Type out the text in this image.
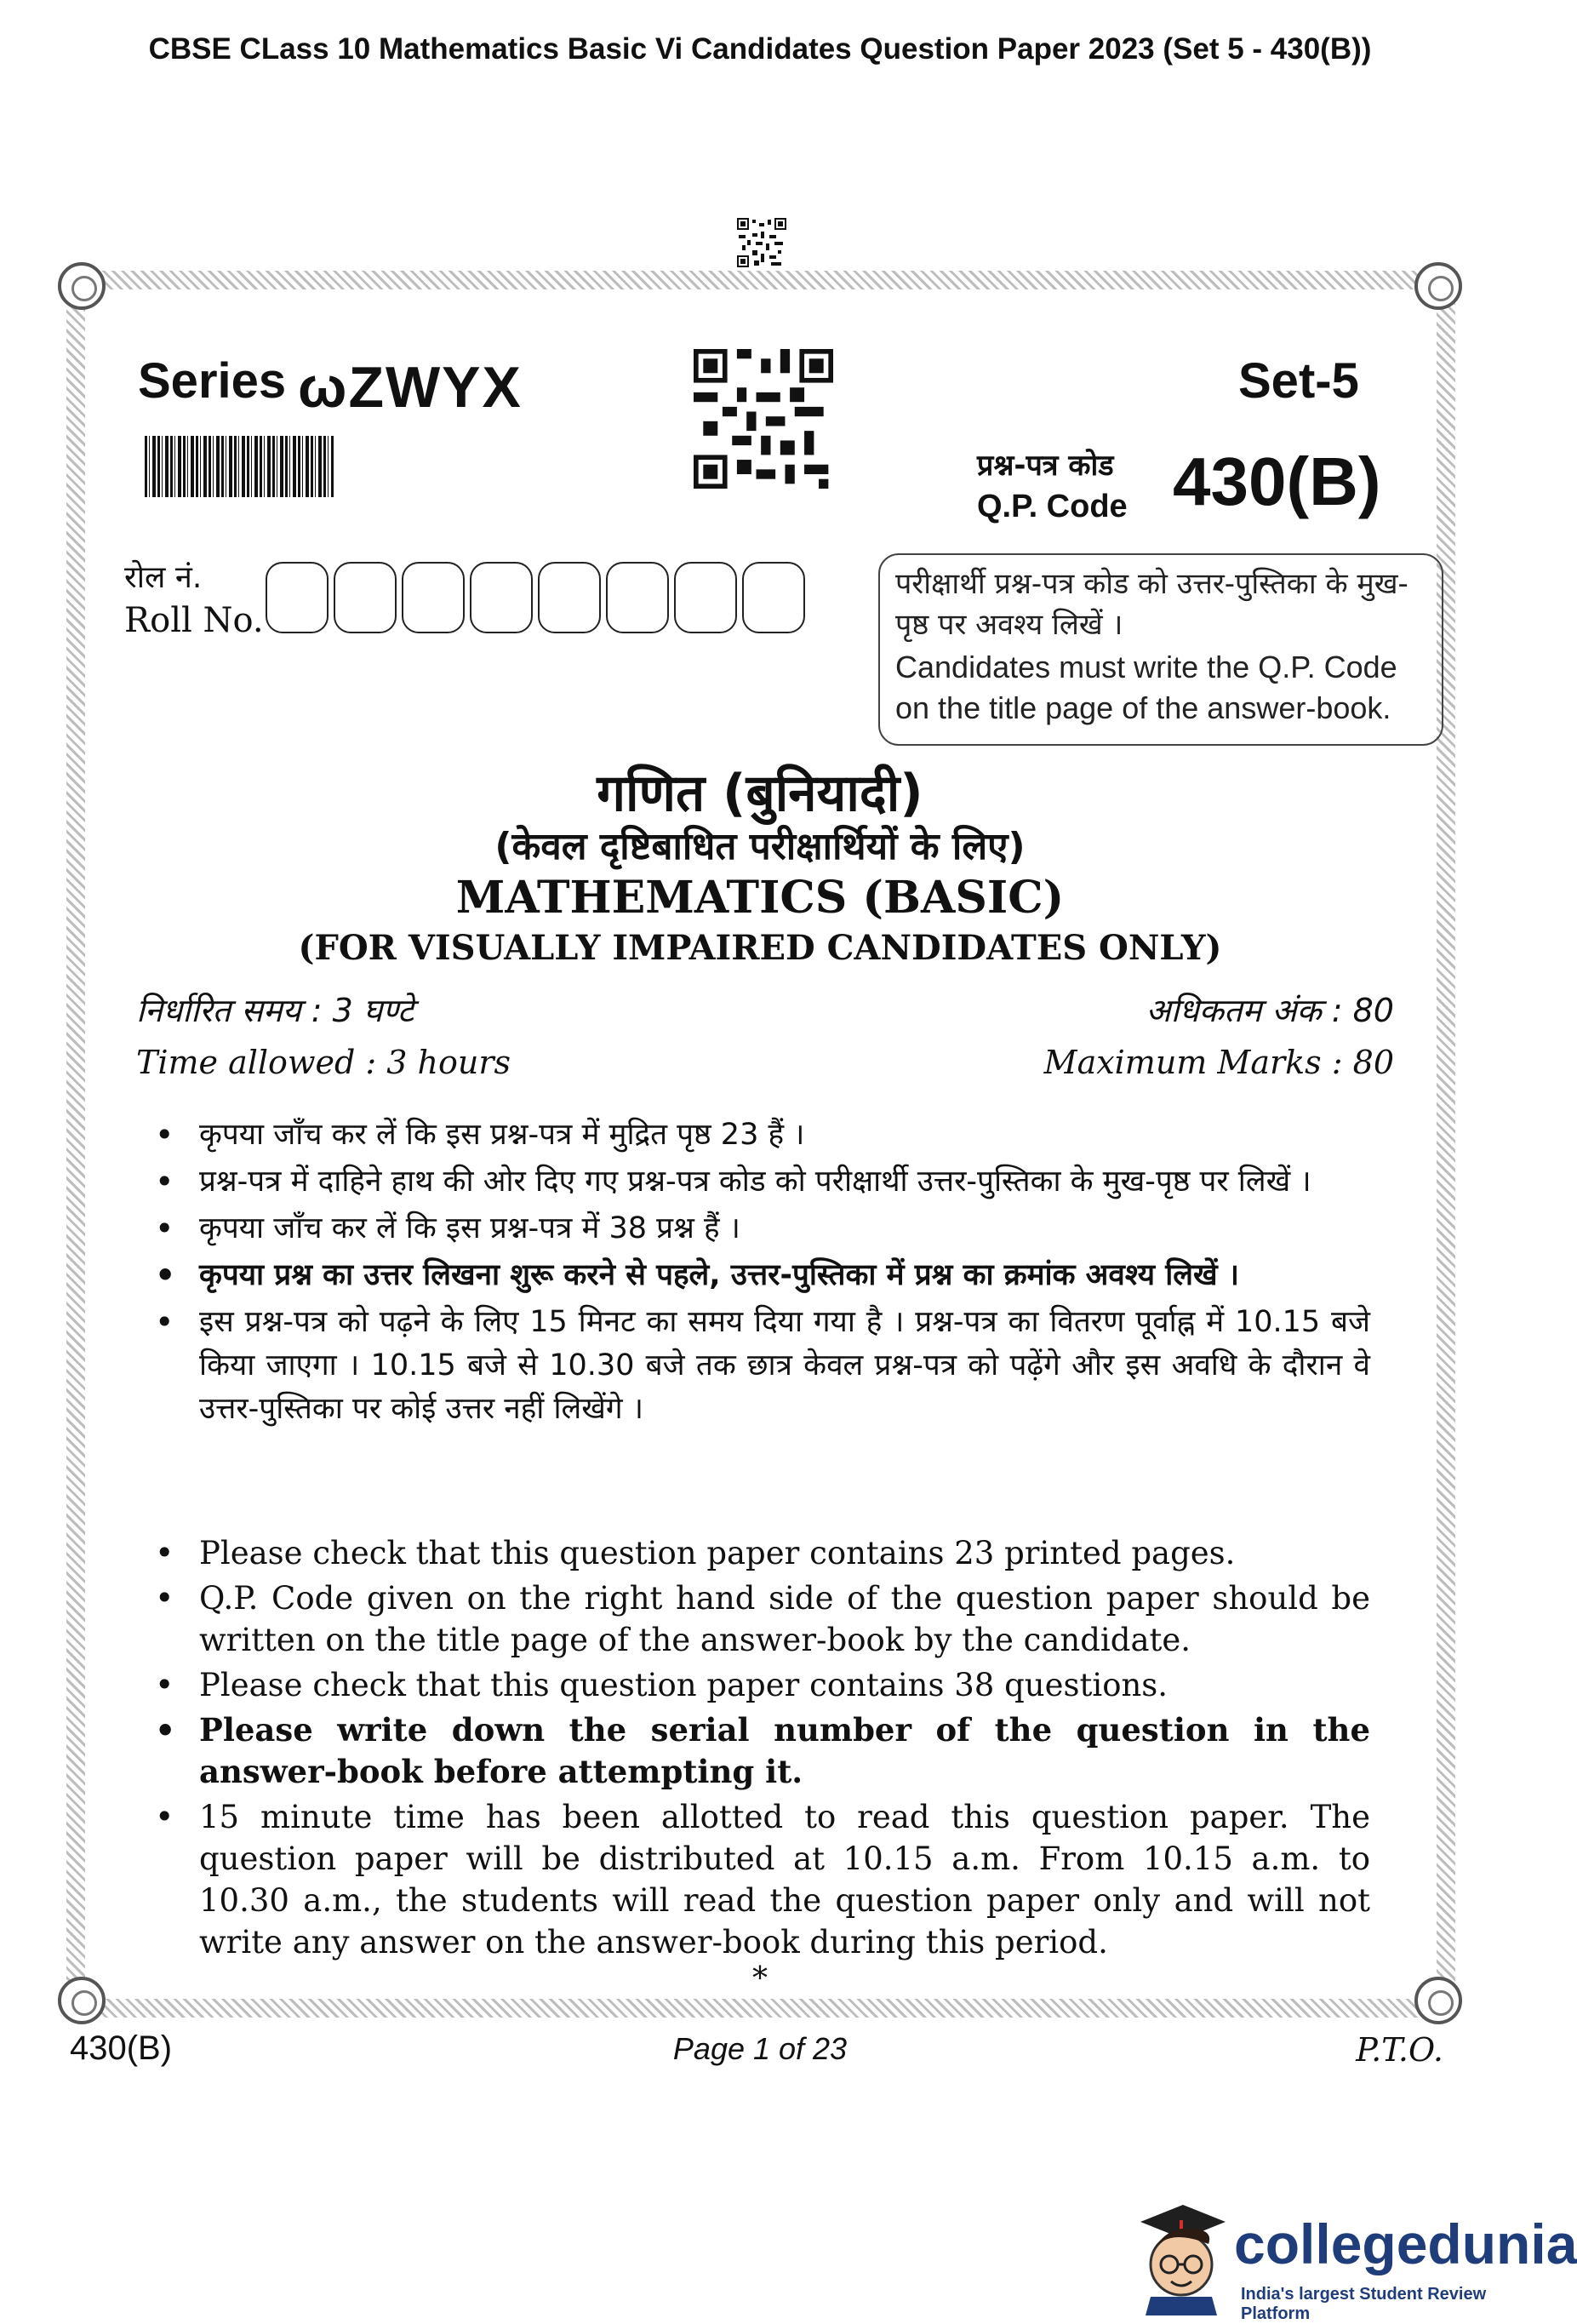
CBSE CLass 10 Mathematics Basic Vi Candidates Question Paper 2023 (Set 5 - 430(B))
Series ωZWYX	Set-5
प्रश्न-पत्र कोड
Q.P. Code 430(B)
रोल नं.
Roll No.
परीक्षार्थी प्रश्न-पत्र कोड को उत्तर-पुस्तिका के मुख-पृष्ठ पर अवश्य लिखें ।
Candidates must write the Q.P. Code on the title page of the answer-book.
गणित (बुनियादी)
(केवल दृष्टिबाधित परीक्षार्थियों के लिए)
MATHEMATICS (BASIC)
(FOR VISUALLY IMPAIRED CANDIDATES ONLY)
निर्धारित समय : 3 घण्टे	अधिकतम अंक : 80
Time allowed : 3 hours	Maximum Marks : 80
• कृपया जाँच कर लें कि इस प्रश्न-पत्र में मुद्रित पृष्ठ 23 हैं ।
• प्रश्न-पत्र में दाहिने हाथ की ओर दिए गए प्रश्न-पत्र कोड को परीक्षार्थी उत्तर-पुस्तिका के मुख-पृष्ठ पर लिखें ।
• कृपया जाँच कर लें कि इस प्रश्न-पत्र में 38 प्रश्न हैं ।
• कृपया प्रश्न का उत्तर लिखना शुरू करने से पहले, उत्तर-पुस्तिका में प्रश्न का क्रमांक अवश्य लिखें ।
• इस प्रश्न-पत्र को पढ़ने के लिए 15 मिनट का समय दिया गया है । प्रश्न-पत्र का वितरण पूर्वाह्न में 10.15 बजे किया जाएगा । 10.15 बजे से 10.30 बजे तक छात्र केवल प्रश्न-पत्र को पढ़ेंगे और इस अवधि के दौरान वे उत्तर-पुस्तिका पर कोई उत्तर नहीं लिखेंगे ।
• Please check that this question paper contains 23 printed pages.
• Q.P. Code given on the right hand side of the question paper should be written on the title page of the answer-book by the candidate.
• Please check that this question paper contains 38 questions.
• Please write down the serial number of the question in the answer-book before attempting it.
• 15 minute time has been allotted to read this question paper. The question paper will be distributed at 10.15 a.m. From 10.15 a.m. to 10.30 a.m., the students will read the question paper only and will not write any answer on the answer-book during this period.
*
430(B)	Page 1 of 23	P.T.O.
collegedunia
India's largest Student Review Platform
